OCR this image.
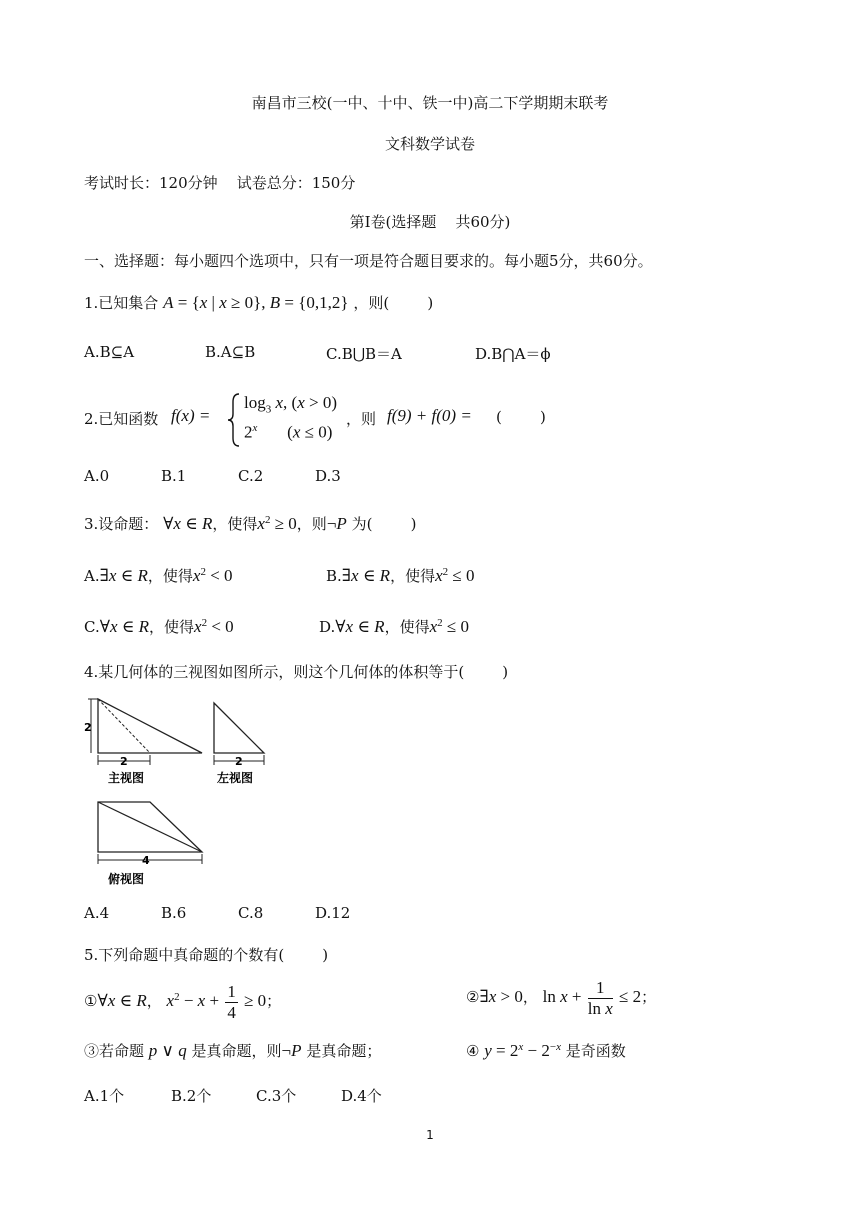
南昌市三校(一中、十中、铁一中)高二下学期期末联考
文科数学试卷
考试时长：120分钟    试卷总分：150分
第Ⅰ卷(选择题    共60分)
一、选择题：每小题四个选项中，只有一项是符合题目要求的。每小题5分，共60分。
1.已知集合 A = {x | x ≥ 0}, B = {0,1,2} ，则(        )
A.B⊆A	B.A⊆B	C.B⋃B＝A	D.B⋂A＝ϕ
2.已知函数 f(x) =
$\log_3 x$, (x > 0)
2$^x$       (x ≤ 0)
，则 f(9) + f(0) = (        )
A.0	B.1	C.2	D.3
3.设命题： ∀x ∈ R，使得$x^2 \ge 0$，则¬P 为(        )
A.∃x ∈ R，使得$x^2 < 0$	B.∃x ∈ R，使得$x^2 \le 0$
C.∀x ∈ R，使得$x^2 < 0$	D.∀x ∈ R，使得$x^2 \le 0$
4.某几何体的三视图如图所示，则这个几何体的体积等于(        )
2
2
主视图
2
左视图
4
俯视图
A.4	B.6	C.8	D.12
5.下列命题中真命题的个数有(        )
①∀x ∈ R， $x^2 - x + \frac{1}{4} \ge 0$；	②∃x > 0， $\ln x + \frac{1}{\text{ln x}} \le 2$；
③若命题 p ∨ q 是真命题，则¬P 是真命题；	④ $y = 2^x - 2^{-x}$ 是奇函数
A.1个	B.2个	C.3个	D.4个
1
